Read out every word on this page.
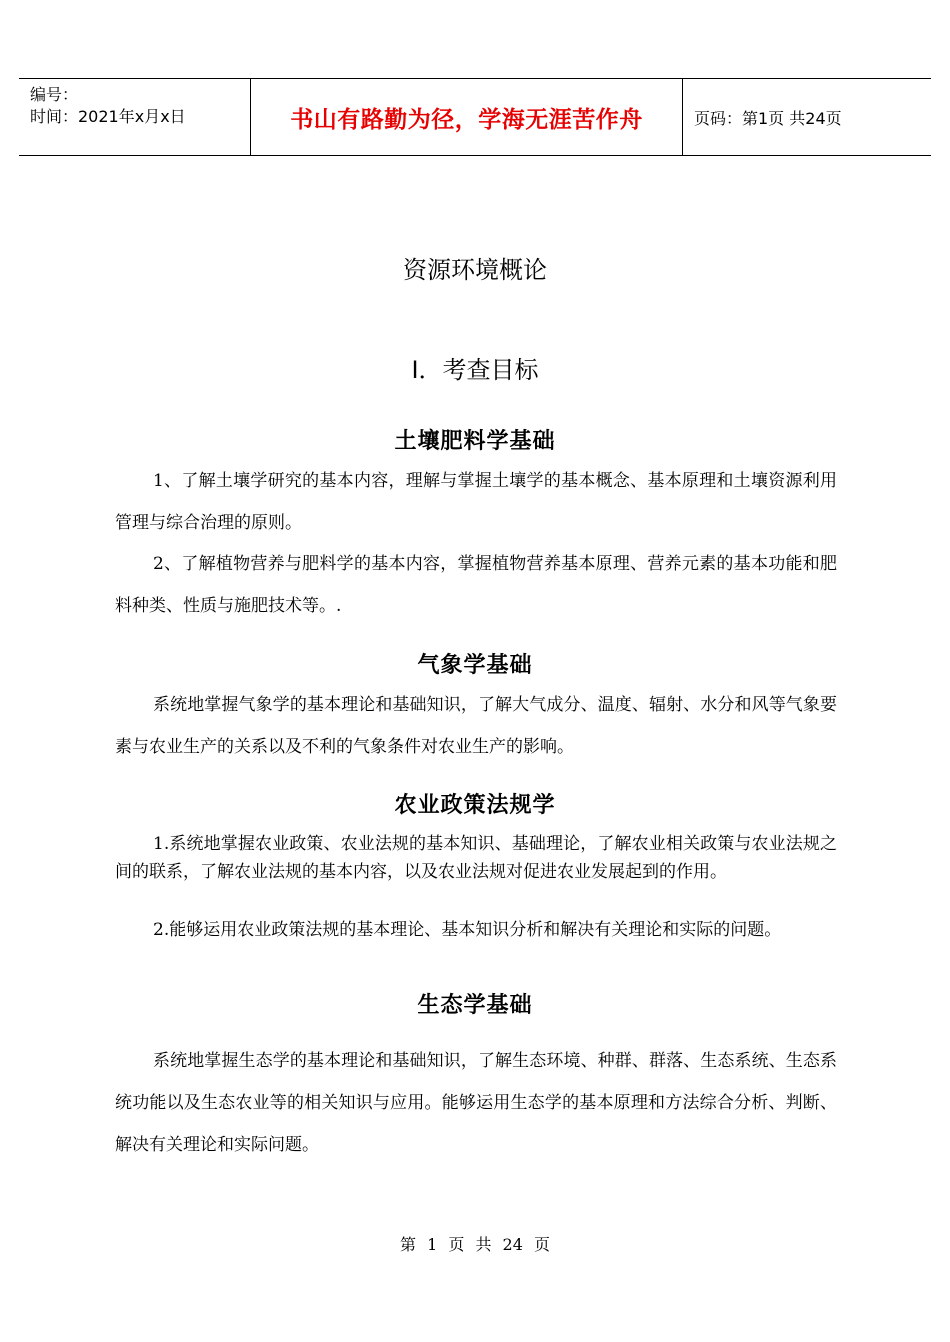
编号：
时间：2021年x月x日	书山有路勤为径，学海无涯苦作舟	页码：第1页 共24页
资源环境概论
Ⅰ．考查目标
土壤肥料学基础
1、了解土壤学研究的基本内容，理解与掌握土壤学的基本概念、基本原理和土壤资源利用管理与综合治理的原则。
2、了解植物营养与肥料学的基本内容，掌握植物营养基本原理、营养元素的基本功能和肥料种类、性质与施肥技术等。.
气象学基础
系统地掌握气象学的基本理论和基础知识，了解大气成分、温度、辐射、水分和风等气象要素与农业生产的关系以及不利的气象条件对农业生产的影响。
农业政策法规学
1.系统地掌握农业政策、农业法规的基本知识、基础理论，了解农业相关政策与农业法规之间的联系，了解农业法规的基本内容，以及农业法规对促进农业发展起到的作用。
2.能够运用农业政策法规的基本理论、基本知识分析和解决有关理论和实际的问题。
生态学基础
系统地掌握生态学的基本理论和基础知识，了解生态环境、种群、群落、生态系统、生态系统功能以及生态农业等的相关知识与应用。能够运用生态学的基本原理和方法综合分析、判断、解决有关理论和实际问题。
第 1 页 共 24 页
